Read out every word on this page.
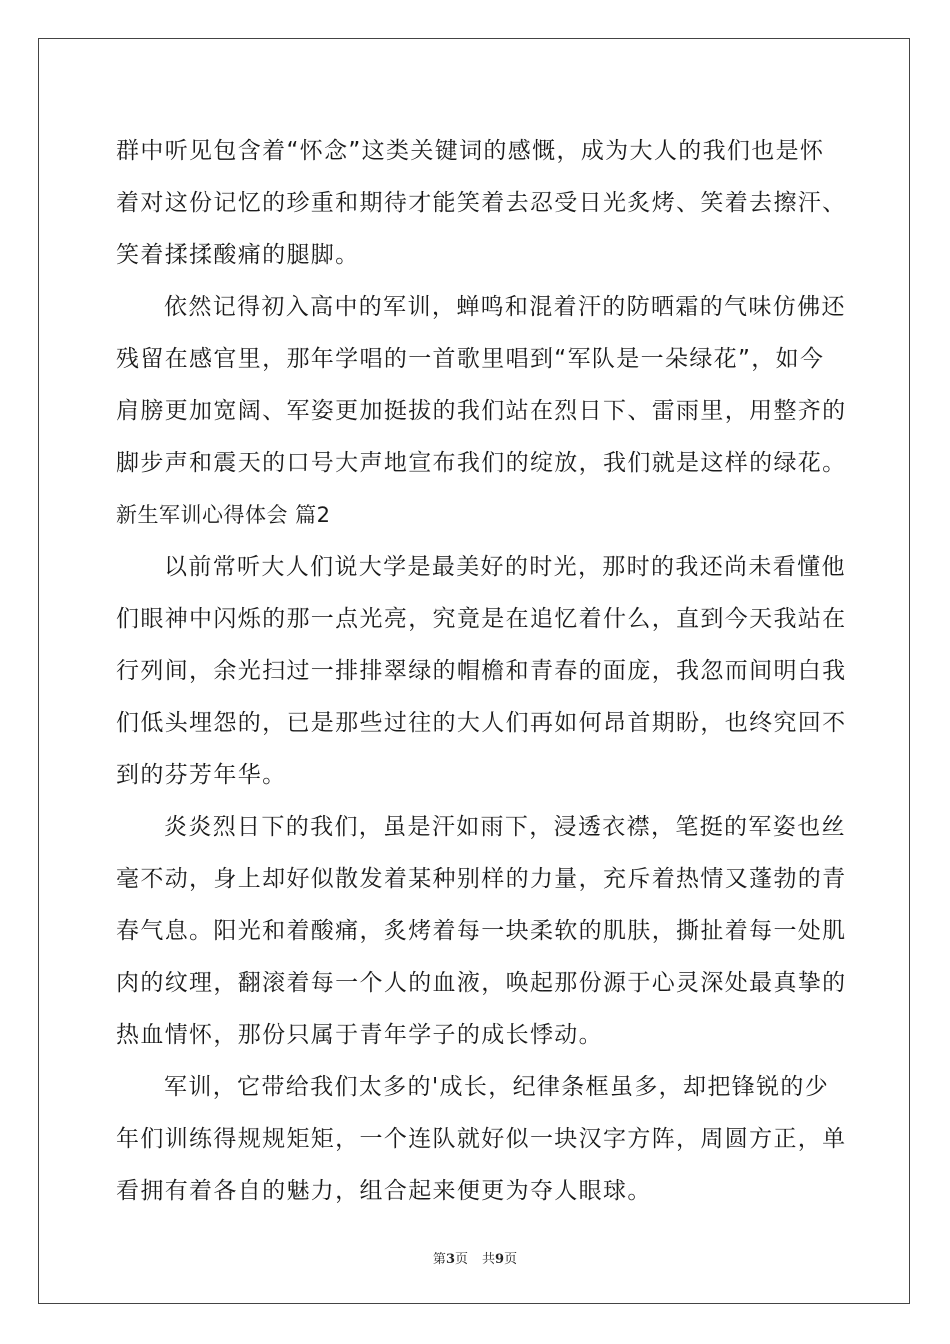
群中听见包含着“怀念”这类关键词的感慨，成为大人的我们也是怀
着对这份记忆的珍重和期待才能笑着去忍受日光炙烤、笑着去擦汗、
笑着揉揉酸痛的腿脚。
依然记得初入高中的军训，蝉鸣和混着汗的防晒霜的气味仿佛还
残留在感官里，那年学唱的一首歌里唱到“军队是一朵绿花”，如今
肩膀更加宽阔、军姿更加挺拔的我们站在烈日下、雷雨里，用整齐的
脚步声和震天的口号大声地宣布我们的绽放，我们就是这样的绿花。
新生军训心得体会 篇2
以前常听大人们说大学是最美好的时光，那时的我还尚未看懂他
们眼神中闪烁的那一点光亮，究竟是在追忆着什么，直到今天我站在
行列间，余光扫过一排排翠绿的帽檐和青春的面庞，我忽而间明白我
们低头埋怨的，已是那些过往的大人们再如何昂首期盼，也终究回不
到的芬芳年华。
炎炎烈日下的我们，虽是汗如雨下，浸透衣襟，笔挺的军姿也丝
毫不动，身上却好似散发着某种别样的力量，充斥着热情又蓬勃的青
春气息。阳光和着酸痛，炙烤着每一块柔软的肌肤，撕扯着每一处肌
肉的纹理，翻滚着每一个人的血液，唤起那份源于心灵深处最真挚的
热血情怀，那份只属于青年学子的成长悸动。
军训，它带给我们太多的'成长，纪律条框虽多，却把锋锐的少
年们训练得规规矩矩，一个连队就好似一块汉字方阵，周圆方正，单
看拥有着各自的魅力，组合起来便更为夺人眼球。
第3页 共9页
